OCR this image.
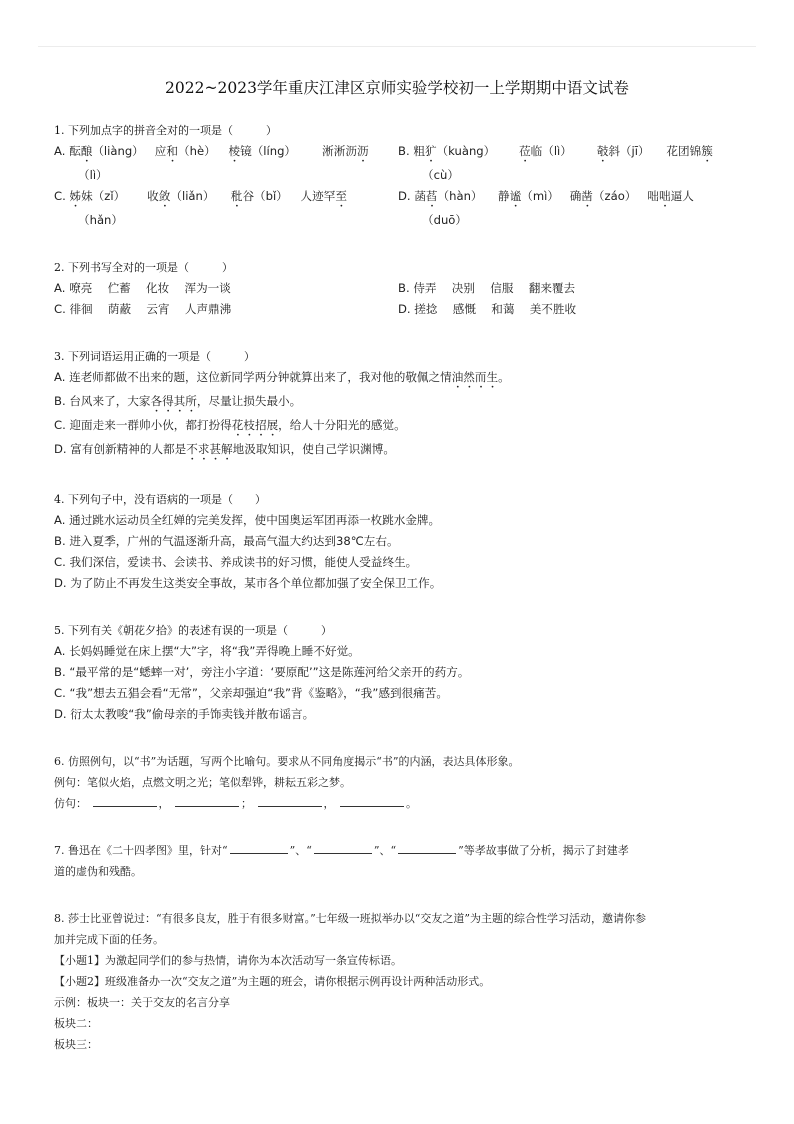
2022~2023学年重庆江津区京师实验学校初一上学期期中语文试卷
1. 下列加点字的拼音全对的一项是（　　　）
A. 酝酿（liàng） 应和（hè） 棱镜（líng） 淅淅沥沥
（lì）
B. 粗犷（kuàng） 莅临（lì） 攲斜（jī） 花团锦簇
（cù）
C. 姊妹（zǐ） 收敛（liǎn） 秕谷（bǐ） 人迹罕至
（hǎn）
D. 菡萏（hàn） 静谧（mì） 确凿（záo） 咄咄逼人
（duō）
2. 下列书写全对的一项是（　　　）
A. 嘹亮　 伫蓄　 化妆　 浑为一谈	B. 侍弄　 决别　 信服　 翻来覆去
C. 徘徊　 荫蔽　 云宵　 人声鼎沸	D. 搓捻　 感慨　 和蔼　 美不胜收
3. 下列词语运用正确的一项是（　　　）
A. 连老师都做不出来的题，这位新同学两分钟就算出来了，我对他的敬佩之情油然而生。
B. 台风来了，大家各得其所，尽量让损失最小。
C. 迎面走来一群帅小伙，都打扮得花枝招展，给人十分阳光的感觉。
D. 富有创新精神的人都是不求甚解地汲取知识，使自己学识渊博。
4. 下列句子中，没有语病的一项是（　　）
A. 通过跳水运动员全红婵的完美发挥，使中国奥运军团再添一枚跳水金牌。
B. 进入夏季，广州的气温逐渐升高，最高气温大约达到38℃左右。
C. 我们深信，爱读书、会读书、养成读书的好习惯，能使人受益终生。
D. 为了防止不再发生这类安全事故，某市各个单位都加强了安全保卫工作。
5. 下列有关《朝花夕拾》的表述有误的一项是（　　　）
A. 长妈妈睡觉在床上摆“大”字，将“我”弄得晚上睡不好觉。
B. “最平常的是“蟋蟀一对’，旁注小字道：‘要原配’”这是陈莲河给父亲开的药方。
C. “我”想去五猖会看“无常”，父亲却强迫“我”背《鉴略》，“我”感到很痛苦。
D. 衍太太教唆“我”偷母亲的手饰卖钱并散布谣言。
6. 仿照例句，以“书”为话题，写两个比喻句。要求从不同角度揭示“书”的内涵，表达具体形象。
例句：笔似火焰，点燃文明之光；笔似犁铧，耕耘五彩之梦。
仿句：	，	；	，	。
7. 鲁迅在《二十四孝图》里，针对“	”、“	”、“	”等孝故事做了分析，揭示了封建孝
道的虚伪和残酷。
8. 莎士比亚曾说过：“有很多良友，胜于有很多财富。”七年级一班拟举办以“交友之道”为主题的综合性学习活动，邀请你参
加并完成下面的任务。
【小题1】为激起同学们的参与热情，请你为本次活动写一条宣传标语。
【小题2】班级准备办一次“交友之道”为主题的班会，请你根据示例再设计两种活动形式。
示例：板块一：关于交友的名言分享
板块二：
板块三：
